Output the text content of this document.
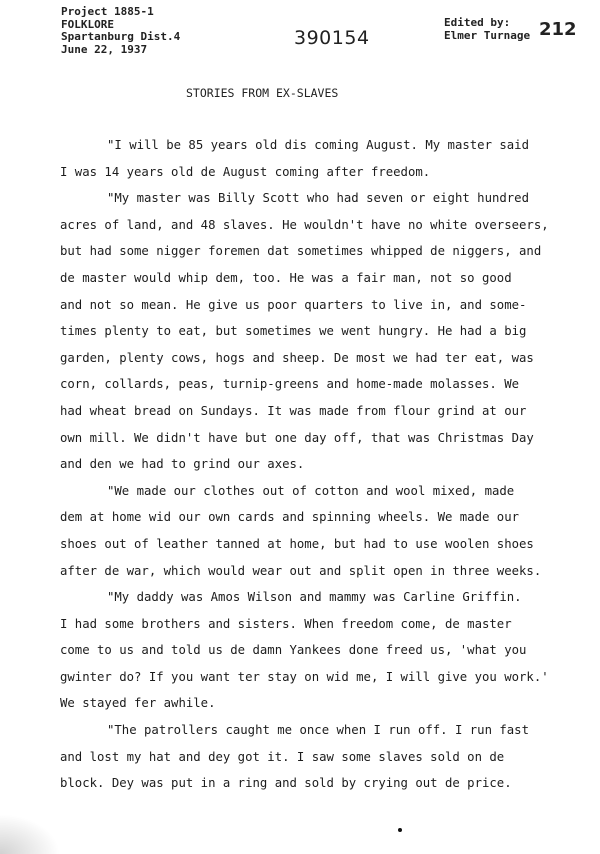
Project 1885-1
FOLKLORE
Spartanburg Dist.4
June 22, 1937	390154
Edited by:
Elmer Turnage 212
STORIES FROM EX-SLAVES
"I will be 85 years old dis coming August. My master said
I was 14 years old de August coming after freedom.
"My master was Billy Scott who had seven or eight hundred
acres of land, and 48 slaves. He wouldn't have no white overseers,
but had some nigger foremen dat sometimes whipped de niggers, and
de master would whip dem, too. He was a fair man, not so good
and not so mean. He give us poor quarters to live in, and some-
times plenty to eat, but sometimes we went hungry. He had a big
garden, plenty cows, hogs and sheep. De most we had ter eat, was
corn, collards, peas, turnip-greens and home-made molasses. We
had wheat bread on Sundays. It was made from flour grind at our
own mill. We didn't have but one day off, that was Christmas Day
and den we had to grind our axes.
"We made our clothes out of cotton and wool mixed, made
dem at home wid our own cards and spinning wheels. We made our
shoes out of leather tanned at home, but had to use woolen shoes
after de war, which would wear out and split open in three weeks.
"My daddy was Amos Wilson and mammy was Carline Griffin.
I had some brothers and sisters. When freedom come, de master
come to us and told us de damn Yankees done freed us, 'what you
gwinter do? If you want ter stay on wid me, I will give you work.'
We stayed fer awhile.
"The patrollers caught me once when I run off. I run fast
and lost my hat and dey got it. I saw some slaves sold on de
block. Dey was put in a ring and sold by crying out de price.
